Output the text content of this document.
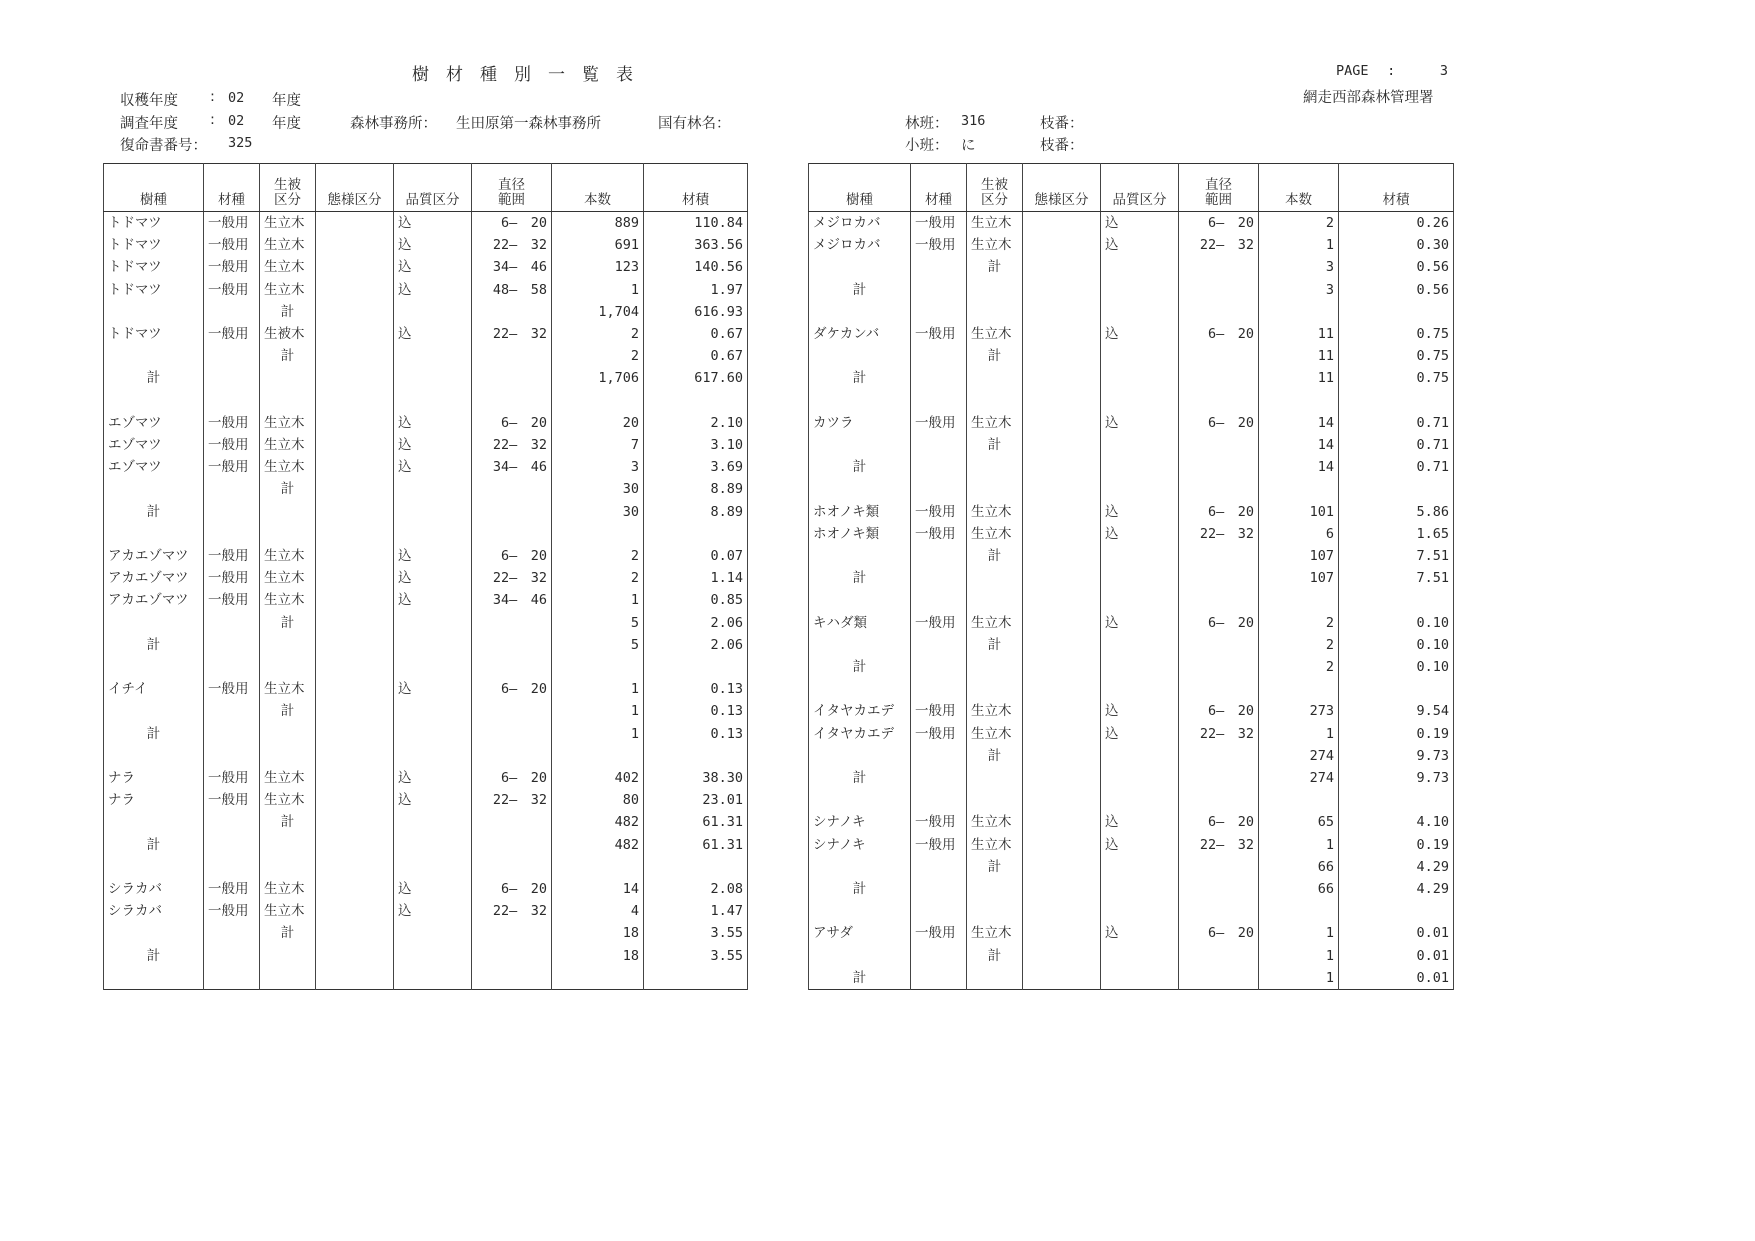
樹　材　種　別　一　覧　表	PAGE :	3
網走西部森林管理署
収穫年度 : 02 年度
調査年度 : 02 年度	森林事務所： 生田原第一森林事務所	国有林名：
復命書番号： 325
林班： 316	枝番：
小班： に	枝番：
樹種	材種	生被
区分	態様区分	品質区分	直径
範囲	本数	材積
トドマツ	一般用	生立木		込	6―　20	889	110.84
トドマツ	一般用	生立木		込	22―　32	691	363.56
トドマツ	一般用	生立木		込	34―　46	123	140.56
トドマツ	一般用	生立木		込	48―　58	1	1.97
		計				1,704	616.93
トドマツ	一般用	生被木		込	22―　32	2	0.67
		計				2	0.67
計						1,706	617.60

エゾマツ	一般用	生立木		込	6―　20	20	2.10
エゾマツ	一般用	生立木		込	22―　32	7	3.10
エゾマツ	一般用	生立木		込	34―　46	3	3.69
		計				30	8.89
計						30	8.89

アカエゾマツ	一般用	生立木		込	6―　20	2	0.07
アカエゾマツ	一般用	生立木		込	22―　32	2	1.14
アカエゾマツ	一般用	生立木		込	34―　46	1	0.85
		計				5	2.06
計						5	2.06

イチイ	一般用	生立木		込	6―　20	1	0.13
		計				1	0.13
計						1	0.13

ナラ	一般用	生立木		込	6―　20	402	38.30
ナラ	一般用	生立木		込	22―　32	80	23.01
		計				482	61.31
計						482	61.31

シラカバ	一般用	生立木		込	6―　20	14	2.08
シラカバ	一般用	生立木		込	22―　32	4	1.47
		計				18	3.55
計						18	3.55

樹種	材種	生被
区分	態様区分	品質区分	直径
範囲	本数	材積
メジロカバ	一般用	生立木		込	6―　20	2	0.26
メジロカバ	一般用	生立木		込	22―　32	1	0.30
		計				3	0.56
計						3	0.56

ダケカンバ	一般用	生立木		込	6―　20	11	0.75
		計				11	0.75
計						11	0.75

カツラ	一般用	生立木		込	6―　20	14	0.71
		計				14	0.71
計						14	0.71

ホオノキ類	一般用	生立木		込	6―　20	101	5.86
ホオノキ類	一般用	生立木		込	22―　32	6	1.65
		計				107	7.51
計						107	7.51

キハダ類	一般用	生立木		込	6―　20	2	0.10
		計				2	0.10
計						2	0.10

イタヤカエデ	一般用	生立木		込	6―　20	273	9.54
イタヤカエデ	一般用	生立木		込	22―　32	1	0.19
		計				274	9.73
計						274	9.73

シナノキ	一般用	生立木		込	6―　20	65	4.10
シナノキ	一般用	生立木		込	22―　32	1	0.19
		計				66	4.29
計						66	4.29

アサダ	一般用	生立木		込	6―　20	1	0.01
		計				1	0.01
計						1	0.01
